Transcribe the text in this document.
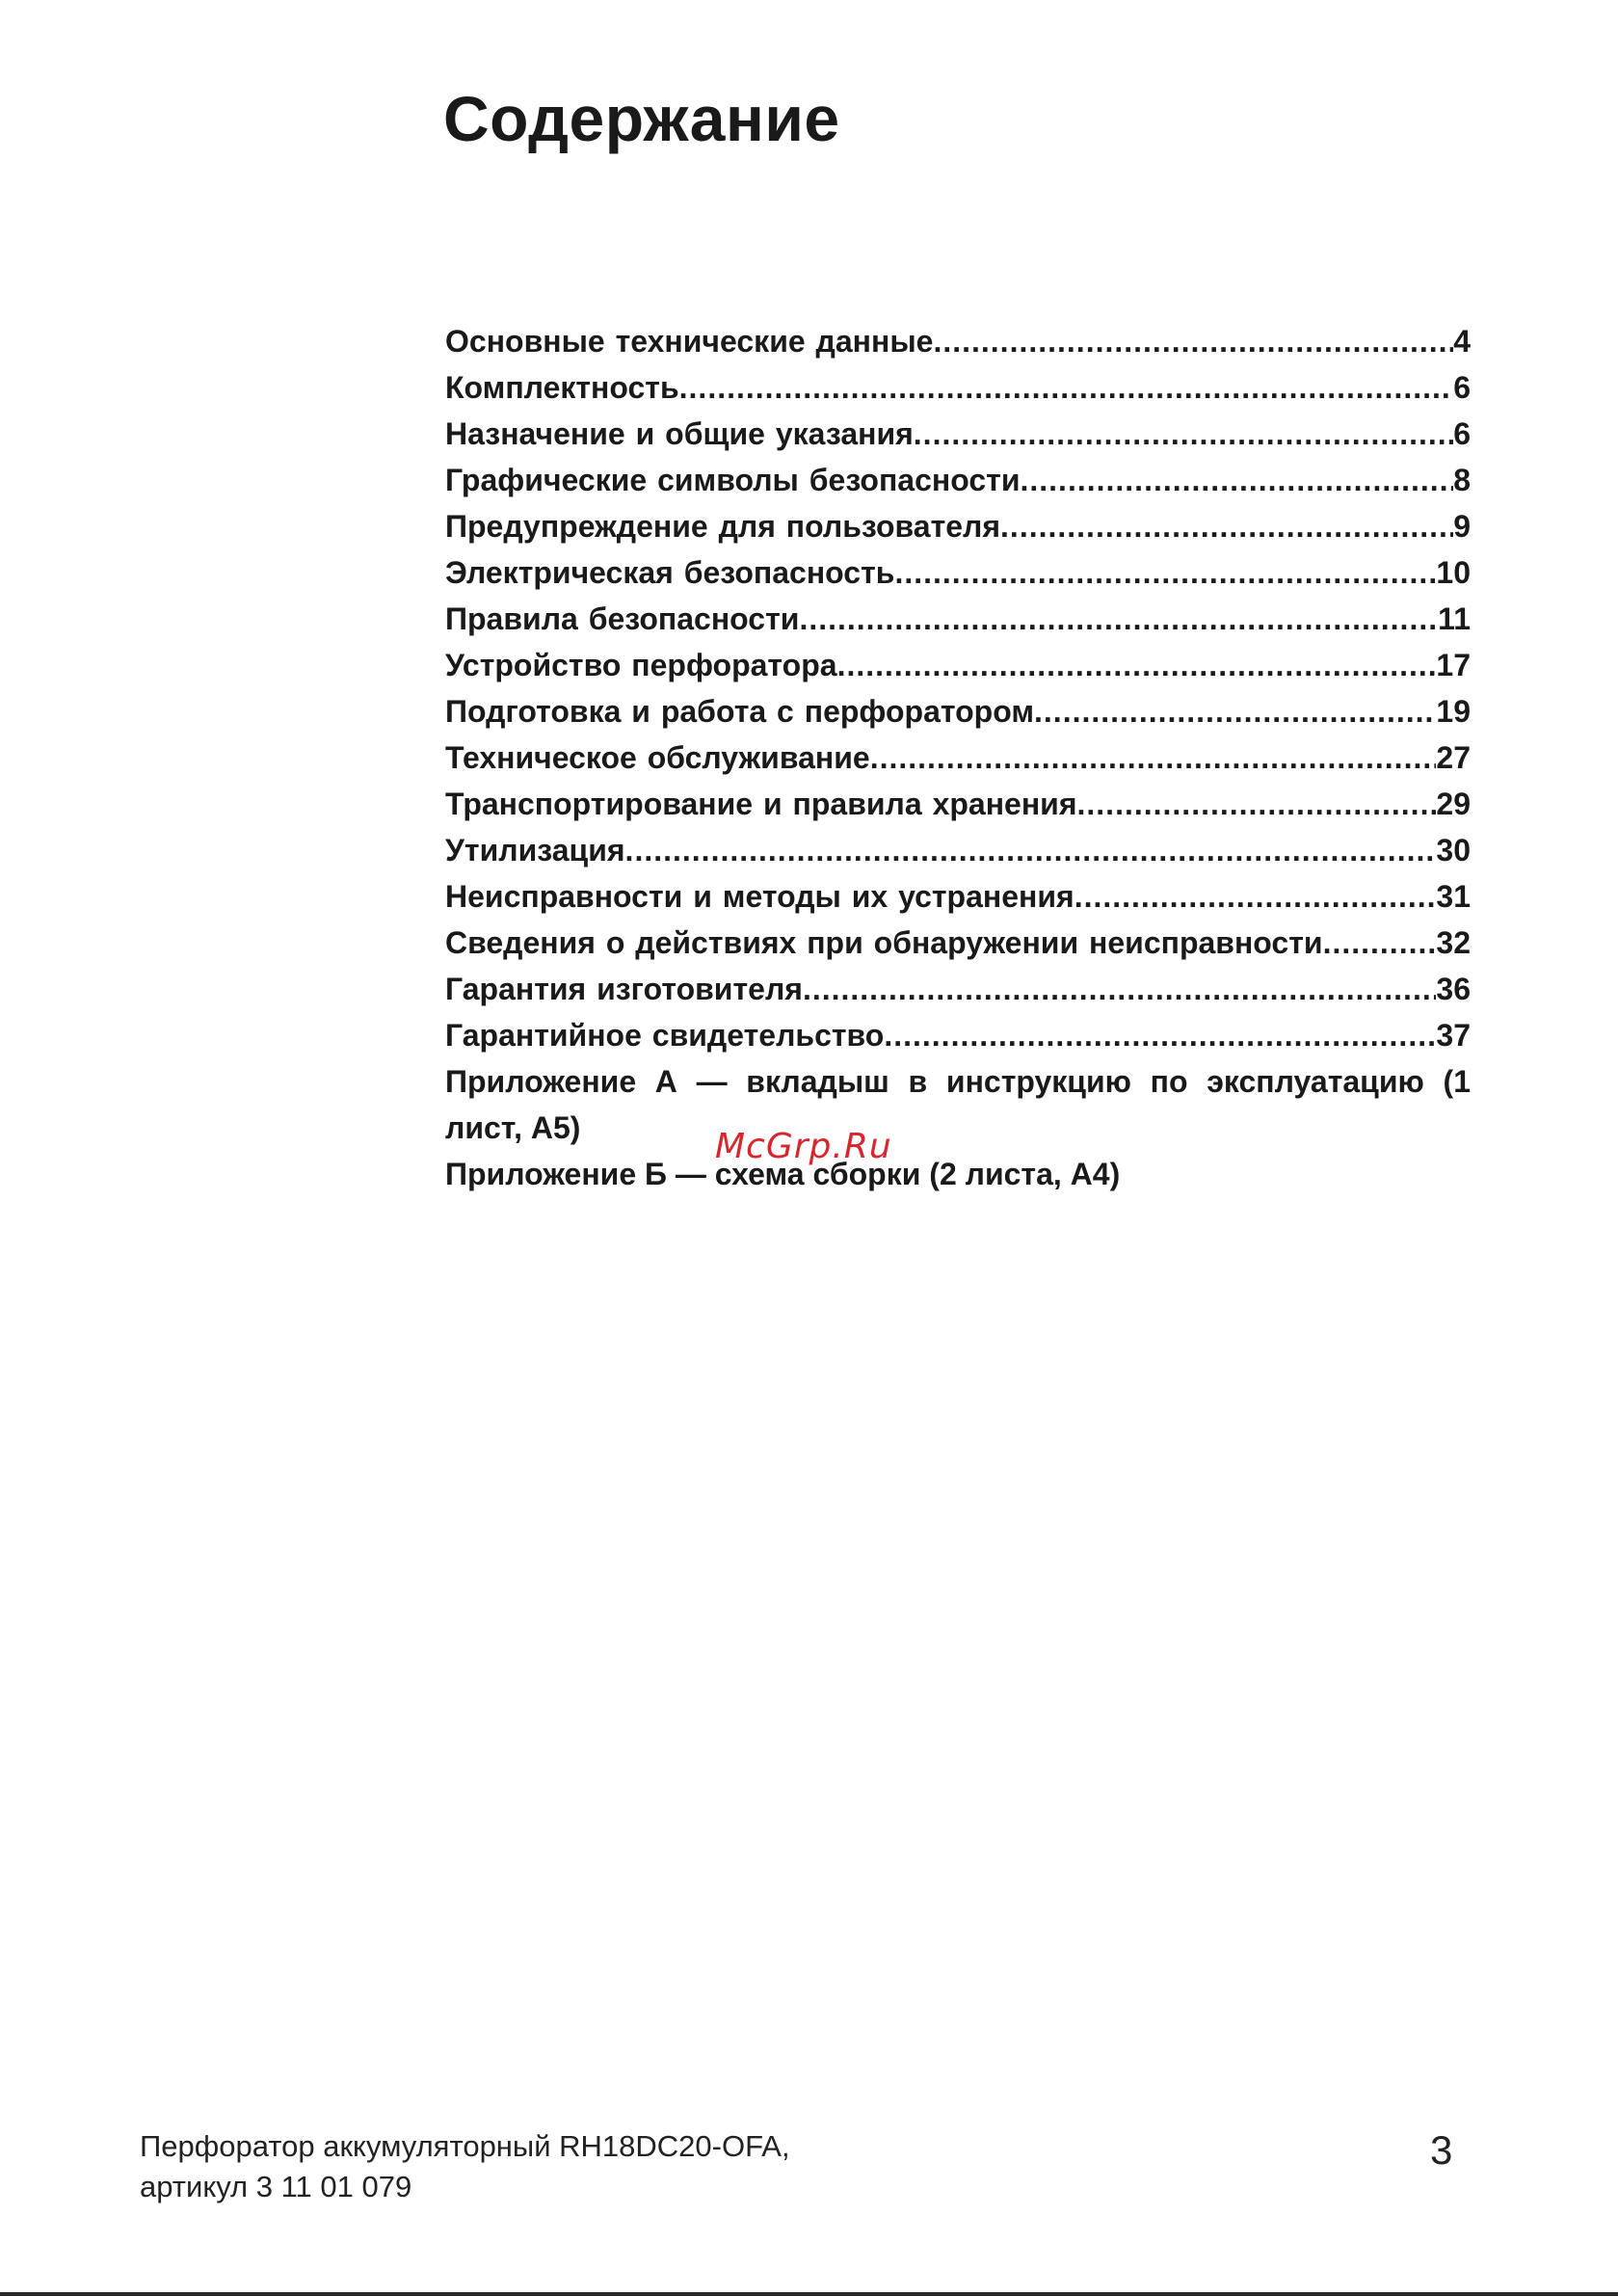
Содержание
Основные технические данные .....	4
Комплектность .....	6
Назначение и общие указания .....	6
Графические символы безопасности .....	8
Предупреждение для пользователя .....	9
Электрическая безопасность .....	10
Правила безопасности .....	11
Устройство перфоратора .....	17
Подготовка и работа с перфоратором .....	19
Техническое обслуживание .....	27
Транспортирование и правила хранения .....	29
Утилизация .....	30
Неисправности и методы их устранения .....	31
Сведения о действиях при обнаружении неисправности .....	32
Гарантия изготовителя .....	36
Гарантийное свидетельство .....	37
Приложение А — вкладыш в инструкцию по эксплуатацию (1 лист, А5)
Приложение Б — схема сборки (2 листа, А4)
McGrp.Ru
Перфоратор аккумуляторный RH18DC20-OFA,
артикул 3 11 01 079
3
